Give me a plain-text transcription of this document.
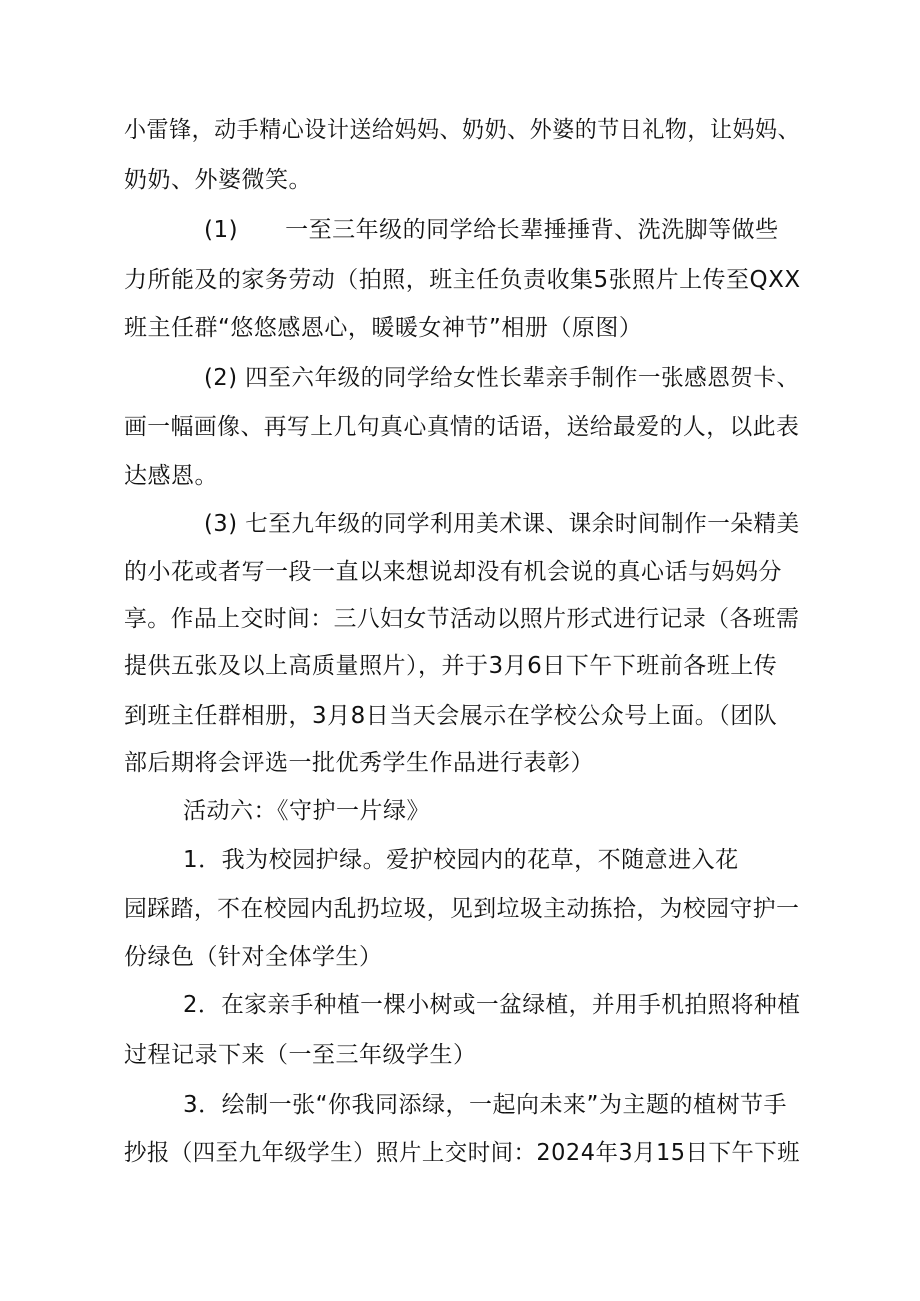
小雷锋，动手精心设计送给妈妈、奶奶、外婆的节日礼物，让妈妈、
奶奶、外婆微笑。
(1)　　一至三年级的同学给长辈捶捶背、洗洗脚等做些
力所能及的家务劳动（拍照，班主任负责收集5张照片上传至QXX
班主任群“悠悠感恩心，暖暖女神节”相册（原图）
(2) 四至六年级的同学给女性长辈亲手制作一张感恩贺卡、
画一幅画像、再写上几句真心真情的话语，送给最爱的人，以此表
达感恩。
(3) 七至九年级的同学利用美术课、课余时间制作一朵精美
的小花或者写一段一直以来想说却没有机会说的真心话与妈妈分
享。作品上交时间：三八妇女节活动以照片形式进行记录（各班需
提供五张及以上高质量照片），并于3月6日下午下班前各班上传
到班主任群相册，3月8日当天会展示在学校公众号上面。（团队
部后期将会评选一批优秀学生作品进行表彰）
活动六：《守护一片绿》
1．我为校园护绿。爱护校园内的花草，不随意进入花
园踩踏，不在校园内乱扔垃圾，见到垃圾主动拣拾，为校园守护一
份绿色（针对全体学生）
2．在家亲手种植一棵小树或一盆绿植，并用手机拍照将种植
过程记录下来（一至三年级学生）
3．绘制一张“你我同添绿，一起向未来”为主题的植树节手
抄报（四至九年级学生）照片上交时间：2024年3月15日下午下班
